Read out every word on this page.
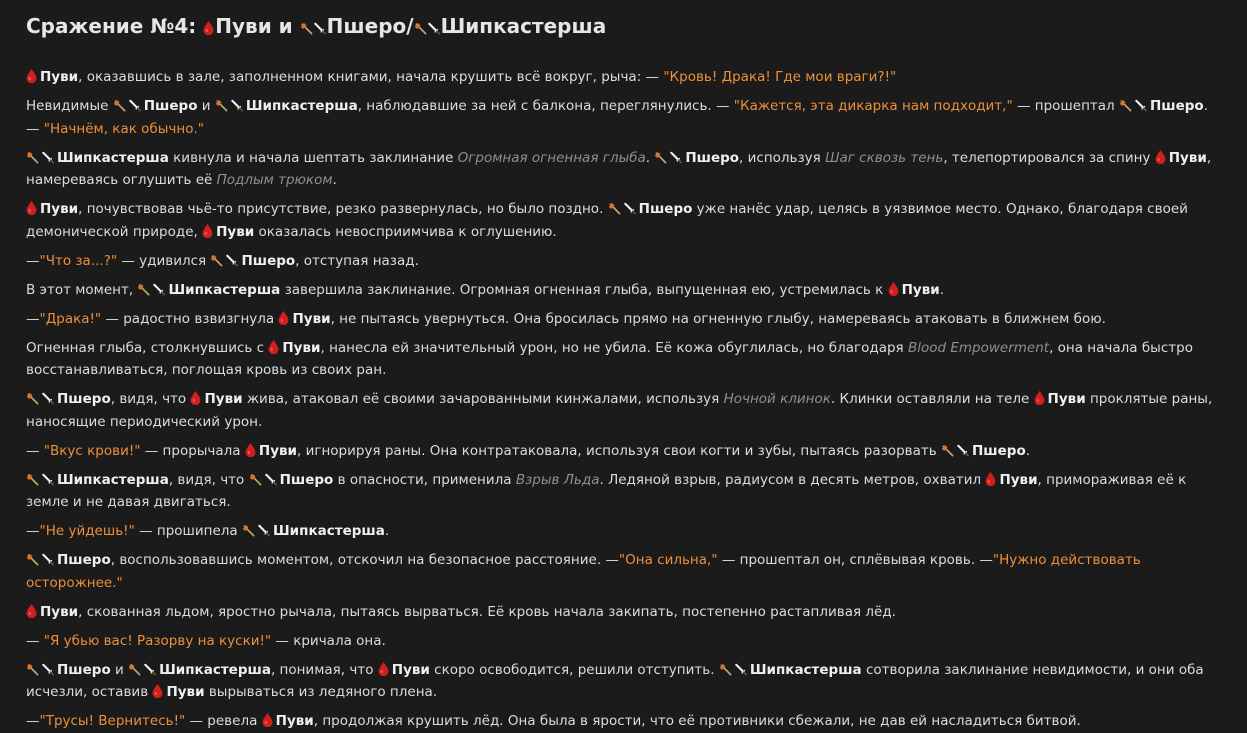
Сражение №4: Пуви и Пшеро/ Шипкастерша
Пуви, оказавшись в зале, заполненном книгами, начала крушить всё вокруг, рыча: — "Кровь! Драка! Где мои враги?!"
Невидимые
Пшеро и
Шипкастерша, наблюдавшие за ней с балкона, переглянулись. — "Кажется, эта дикарка нам подходит," — прошептал
Пшеро. — "Начнём, как обычно."
Шипкастерша кивнула и начала шептать заклинание Огромная огненная глыба.
Пшеро, используя Шаг сквозь тень, телепортировался за спину
Пуви, намереваясь оглушить её Подлым трюком.
Пуви, почувствовав чьё-то присутствие, резко развернулась, но было поздно.
Пшеро уже нанёс удар, целясь в уязвимое место. Однако, благодаря своей демонической природе,
Пуви оказалась невосприимчива к оглушению.
—"Что за...?" — удивился
Пшеро, отступая назад.
В этот момент,
Шипкастерша завершила заклинание. Огромная огненная глыба, выпущенная ею, устремилась к
Пуви.
—"Драка!" — радостно взвизгнула
Пуви, не пытаясь увернуться. Она бросилась прямо на огненную глыбу, намереваясь атаковать в ближнем бою.
Огненная глыба, столкнувшись с
Пуви, нанесла ей значительный урон, но не убила. Её кожа обуглилась, но благодаря Blood Empowerment, она начала быстро восстанавливаться, поглощая кровь из своих ран.
Пшеро, видя, что
Пуви жива, атаковал её своими зачарованными кинжалами, используя Ночной клинок. Клинки оставляли на теле
Пуви проклятые раны, наносящие периодический урон.
— "Вкус крови!" — прорычала
Пуви, игнорируя раны. Она контратаковала, используя свои когти и зубы, пытаясь разорвать
Пшеро.
Шипкастерша, видя, что
Пшеро в опасности, применила Взрыв Льда. Ледяной взрыв, радиусом в десять метров, охватил
Пуви, примораживая её к земле и не давая двигаться.
—"Не уйдешь!" — прошипела
Шипкастерша.
Пшеро, воспользовавшись моментом, отскочил на безопасное расстояние. —"Она сильна," — прошептал он, сплёвывая кровь. —"Нужно действовать осторожнее."
Пуви, скованная льдом, яростно рычала, пытаясь вырваться. Её кровь начала закипать, постепенно растапливая лёд.
— "Я убью вас! Разорву на куски!" — кричала она.
Пшеро и
Шипкастерша, понимая, что
Пуви скоро освободится, решили отступить.
Шипкастерша сотворила заклинание невидимости, и они оба исчезли, оставив
Пуви вырываться из ледяного плена.
—"Трусы! Вернитесь!" — ревела
Пуви, продолжая крушить лёд. Она была в ярости, что её противники сбежали, не дав ей насладиться битвой.
